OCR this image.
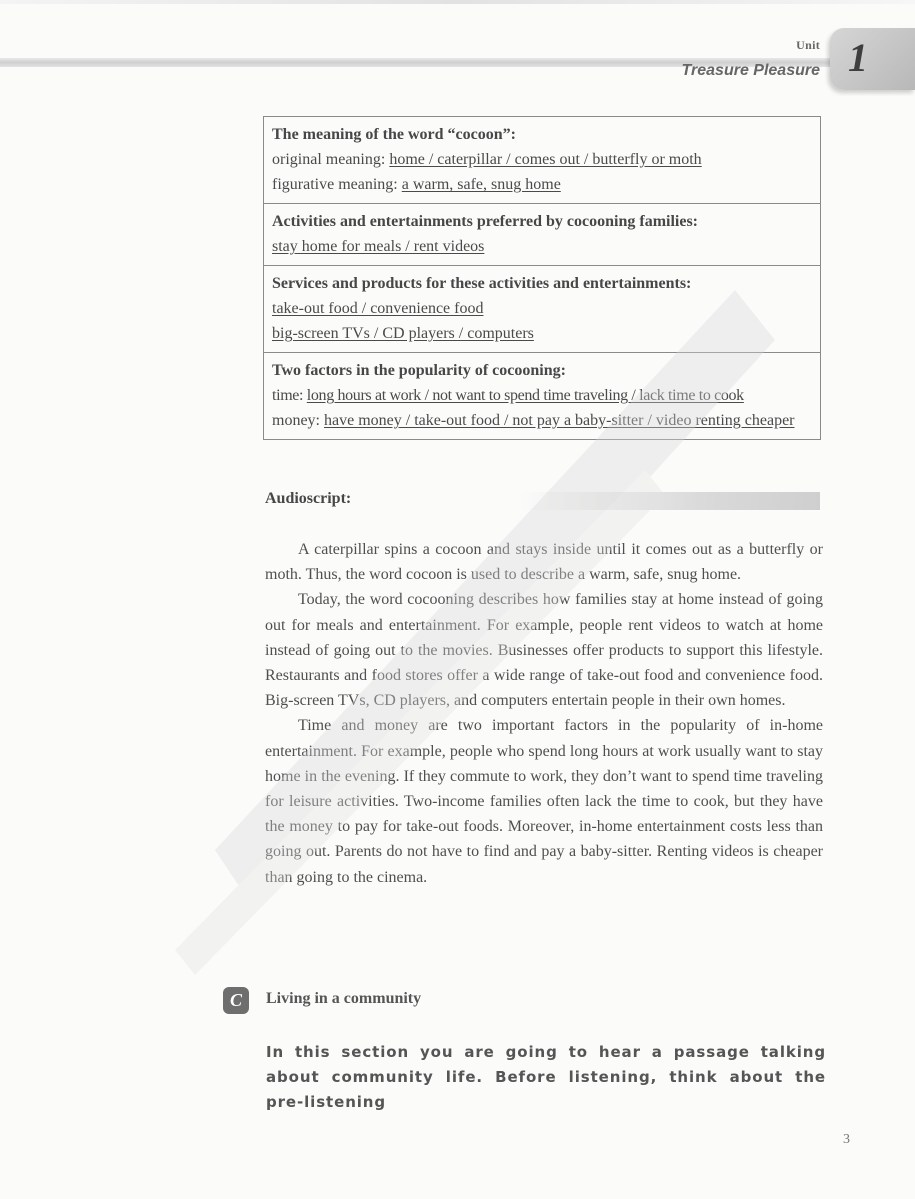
Unit
Treasure Pleasure 1
The meaning of the word “cocoon”:
original meaning: home / caterpillar / comes out / butterfly or moth
figurative meaning: a warm, safe, snug home
Activities and entertainments preferred by cocooning families:
stay home for meals / rent videos
Services and products for these activities and entertainments:
take-out food / convenience food
big-screen TVs / CD players / computers
Two factors in the popularity of cocooning:
time: long hours at work / not want to spend time traveling / lack time to cook
money: have money / take-out food / not pay a baby-sitter / video renting cheaper
Audioscript:

A caterpillar spins a cocoon and stays inside until it comes out as a butterfly or moth. Thus, the word cocoon is used to describe a warm, safe, snug home.

Today, the word cocooning describes how families stay at home instead of going out for meals and entertainment. For example, people rent videos to watch at home instead of going out to the movies. Businesses offer products to support this lifestyle. Restaurants and food stores offer a wide range of take-out food and convenience food. Big-screen TVs, CD players, and computers entertain people in their own homes.

Time and money are two important factors in the popularity of in-home entertainment. For example, people who spend long hours at work usually want to stay home in the evening. If they commute to work, they don’t want to spend time traveling for leisure activities. Two-income families often lack the time to cook, but they have the money to pay for take-out foods. Moreover, in-home entertainment costs less than going out. Parents do not have to find and pay a baby-sitter. Renting videos is cheaper than going to the cinema.

C	Living in a community
In this section you are going to hear a passage talking about community life. Before listening, think about the pre-listening
3
